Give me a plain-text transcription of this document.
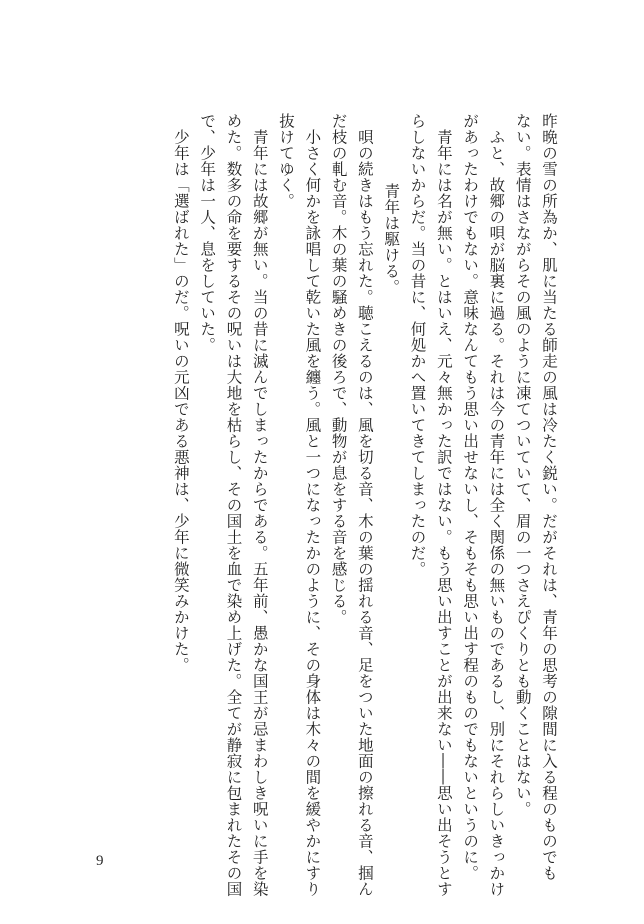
昨晩の雪の所為か、肌に当たる師走の風は冷たく鋭い。だがそれは、青年の思考の隙間に入る程のものでも

ない。表情はさながらその風のように凍てついていて、眉の一つさえぴくりとも動くことはない。

　ふと、故郷の唄が脳裏に過る。それは今の青年には全く関係の無いものであるし、別にそれらしいきっかけ

があったわけでもない。意味なんてもう思い出せないし、そもそも思い出す程のものでもないというのに。

　青年には名が無い。とはいえ、元々無かった訳ではない。もう思い出すことが出来ない――思い出そうとす

らしないからだ。当の昔に、何処かへ置いてきてしまったのだ。

　　　　青年は駆ける。

　唄の続きはもう忘れた。聴こえるのは、風を切る音、木の葉の揺れる音、足をついた地面の擦れる音、掴ん

だ枝の軋む音。木の葉の騒めきの後ろで、動物が息をする音を感じる。

　小さく何かを詠唱して乾いた風を纏う。風と一つになったかのように、その身体は木々の間を緩やかにすり

抜けてゆく。

　青年には故郷が無い。当の昔に滅んでしまったからである。五年前、愚かな国王が忌まわしき呪いに手を染

めた。数多の命を要するその呪いは大地を枯らし、その国土を血で染め上げた。全てが静寂に包まれたその国

で、少年は一人、息をしていた。

　少年は「選ばれた」のだ。呪いの元凶である悪神は、少年に微笑みかけた。

9
